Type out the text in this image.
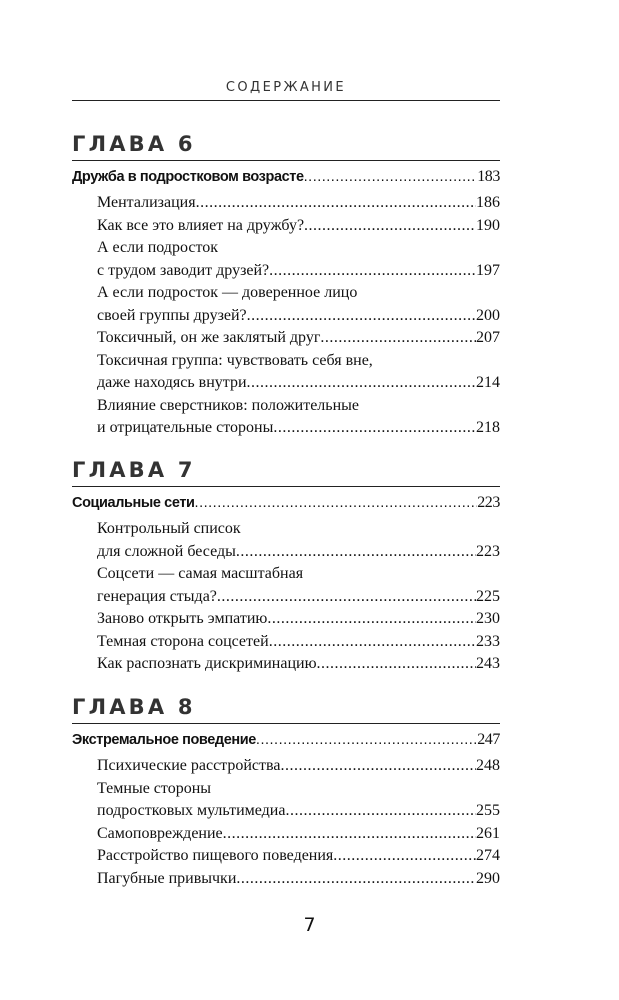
СОДЕРЖАНИЕ
ГЛАВА 6
Дружба в подростковом возрасте .....	183
Ментализация .....	186
Как все это влияет на дружбу? .....	190
А если подросток
с трудом заводит друзей? .....	197
А если подросток — доверенное лицо
своей группы друзей? .....	200
Токсичный, он же заклятый друг .....	207
Токсичная группа: чувствовать себя вне,
даже находясь внутри .....	214
Влияние сверстников: положительные
и отрицательные стороны .....	218
ГЛАВА 7
Социальные сети .....	223
Контрольный список
для сложной беседы .....	223
Соцсети — самая масштабная
генерация стыда? .....	225
Заново открыть эмпатию .....	230
Темная сторона соцсетей .....	233
Как распознать дискриминацию .....	243
ГЛАВА 8
Экстремальное поведение .....	247
Психические расстройства .....	248
Темные стороны
подростковых мультимедиа .....	255
Самоповреждение .....	261
Расстройство пищевого поведения .....	274
Пагубные привычки .....	290
7
